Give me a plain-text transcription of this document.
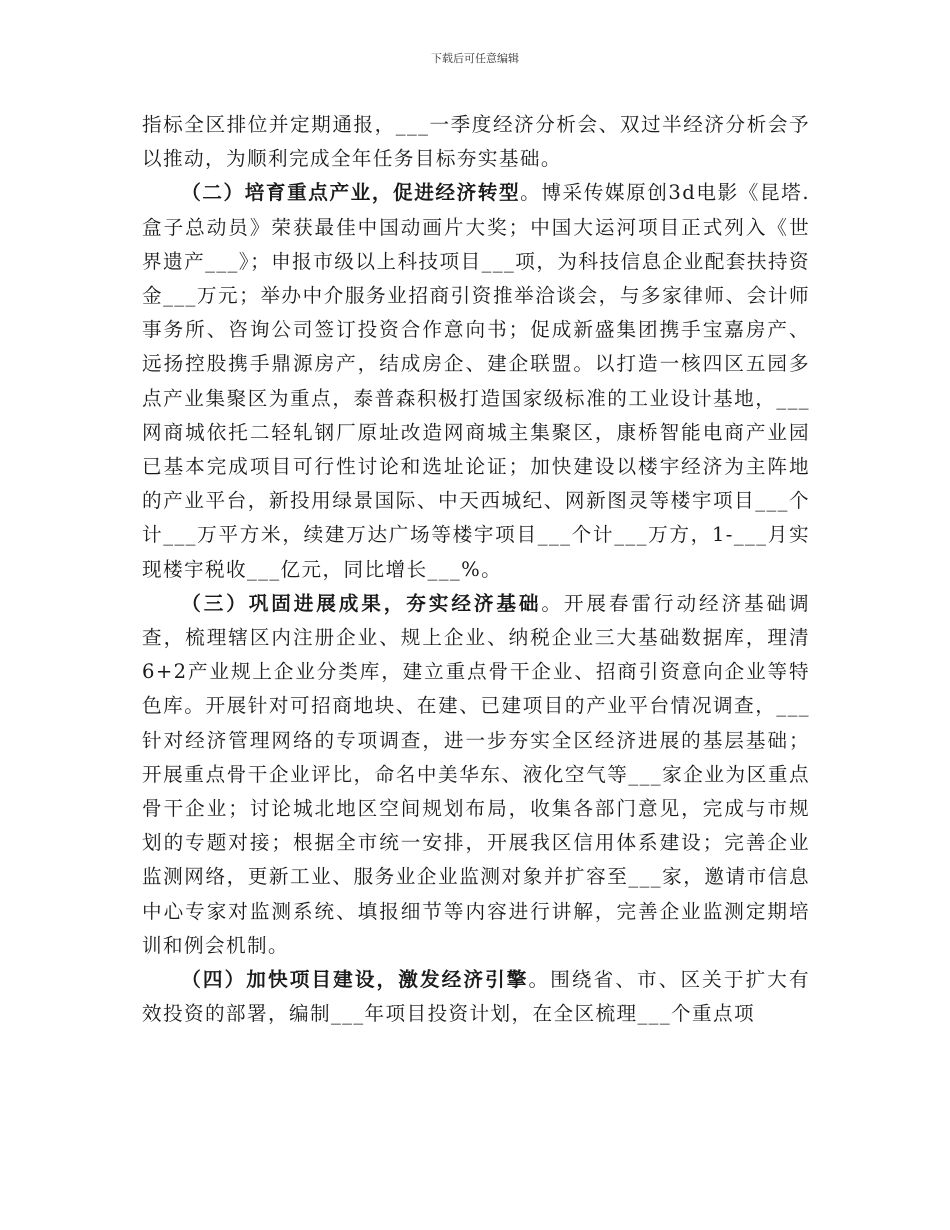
下载后可任意编辑

指标全区排位并定期通报，___一季度经济分析会、双过半经济分析会予以推动，为顺利完成全年任务目标夯实基础。

（二）培育重点产业，促进经济转型。博采传媒原创3d电影《昆塔.盒子总动员》荣获最佳中国动画片大奖；中国大运河项目正式列入《世界遗产___》；申报市级以上科技项目___项，为科技信息企业配套扶持资金___万元；举办中介服务业招商引资推举洽谈会，与多家律师、会计师事务所、咨询公司签订投资合作意向书；促成新盛集团携手宝嘉房产、远扬控股携手鼎源房产，结成房企、建企联盟。以打造一核四区五园多点产业集聚区为重点，泰普森积极打造国家级标准的工业设计基地，___网商城依托二轻轧钢厂原址改造网商城主集聚区，康桥智能电商产业园已基本完成项目可行性讨论和选址论证；加快建设以楼宇经济为主阵地的产业平台，新投用绿景国际、中天西城纪、网新图灵等楼宇项目___个计___万平方米，续建万达广场等楼宇项目___个计___万方，1-___月实现楼宇税收___亿元，同比增长___%。

（三）巩固进展成果，夯实经济基础。开展春雷行动经济基础调查，梳理辖区内注册企业、规上企业、纳税企业三大基础数据库，理清6+2产业规上企业分类库，建立重点骨干企业、招商引资意向企业等特色库。开展针对可招商地块、在建、已建项目的产业平台情况调查，___针对经济管理网络的专项调查，进一步夯实全区经济进展的基层基础；开展重点骨干企业评比，命名中美华东、液化空气等___家企业为区重点骨干企业；讨论城北地区空间规划布局，收集各部门意见，完成与市规划的专题对接；根据全市统一安排，开展我区信用体系建设；完善企业监测网络，更新工业、服务业企业监测对象并扩容至___家，邀请市信息中心专家对监测系统、填报细节等内容进行讲解，完善企业监测定期培训和例会机制。

（四）加快项目建设，激发经济引擎。围绕省、市、区关于扩大有效投资的部署，编制___年项目投资计划，在全区梳理___个重点项
